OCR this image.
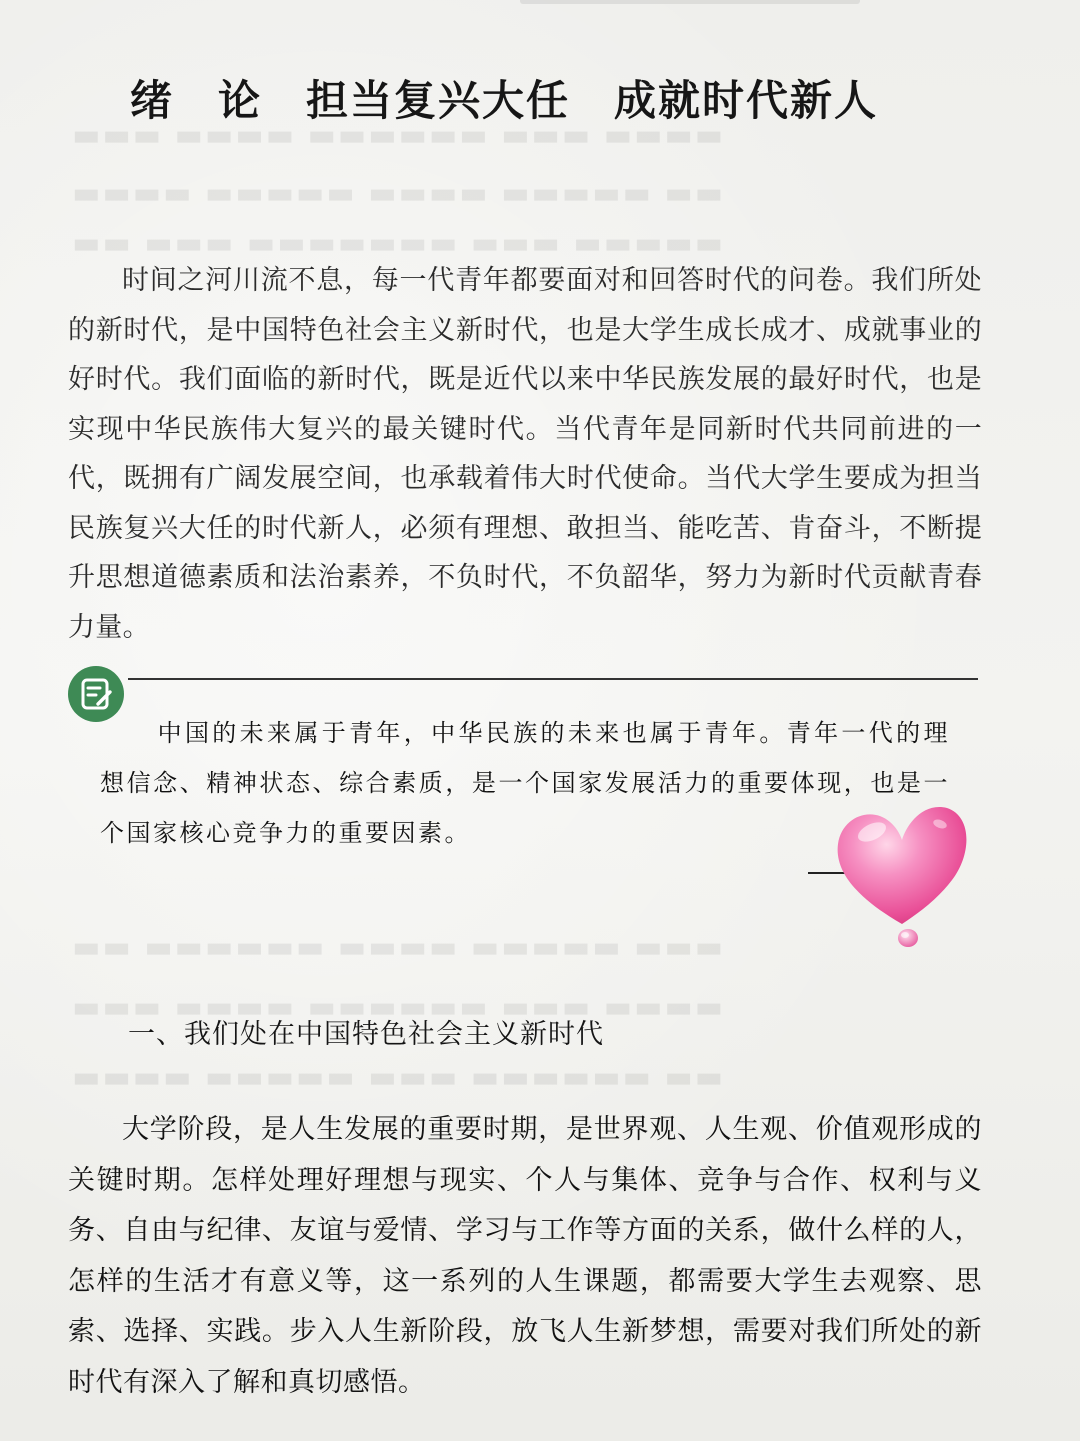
▬▬▬▬ ▬▬▬ ▬▬▬▬▬▬ ▬▬▬▬ ▬▬▬
▬▬ ▬▬▬▬▬ ▬▬▬▬ ▬▬▬▬▬ ▬▬▬▬
▬▬▬▬▬ ▬▬▬ ▬▬▬▬▬▬▬ ▬▬▬ ▬▬
▬▬▬ ▬▬▬▬▬ ▬▬▬▬ ▬▬▬▬▬▬ ▬▬
▬▬▬▬ ▬▬▬ ▬▬▬▬▬▬ ▬▬▬▬ ▬▬▬
▬▬ ▬▬▬▬▬▬ ▬▬▬ ▬▬▬▬▬ ▬▬▬▬
绪　论　担当复兴大任　成就时代新人

时间之河川流不息，每一代青年都要面对和回答时代的问卷。我们所处的新时代，是中国特色社会主义新时代，也是大学生成长成才、成就事业的好时代。我们面临的新时代，既是近代以来中华民族发展的最好时代，也是实现中华民族伟大复兴的最关键时代。当代青年是同新时代共同前进的一代，既拥有广阔发展空间，也承载着伟大时代使命。当代大学生要成为担当民族复兴大任的时代新人，必须有理想、敢担当、能吃苦、肯奋斗，不断提升思想道德素质和法治素养，不负时代，不负韶华，努力为新时代贡献青春力量。

中国的未来属于青年，中华民族的未来也属于青年。青年一代的理想信念、精神状态、综合素质，是一个国家发展活力的重要体现，也是一个国家核心竞争力的重要因素。

一、我们处在中国特色社会主义新时代

大学阶段，是人生发展的重要时期，是世界观、人生观、价值观形成的关键时期。怎样处理好理想与现实、个人与集体、竞争与合作、权利与义务、自由与纪律、友谊与爱情、学习与工作等方面的关系，做什么样的人，怎样的生活才有意义等，这一系列的人生课题，都需要大学生去观察、思索、选择、实践。步入人生新阶段，放飞人生新梦想，需要对我们所处的新时代有深入了解和真切感悟。
